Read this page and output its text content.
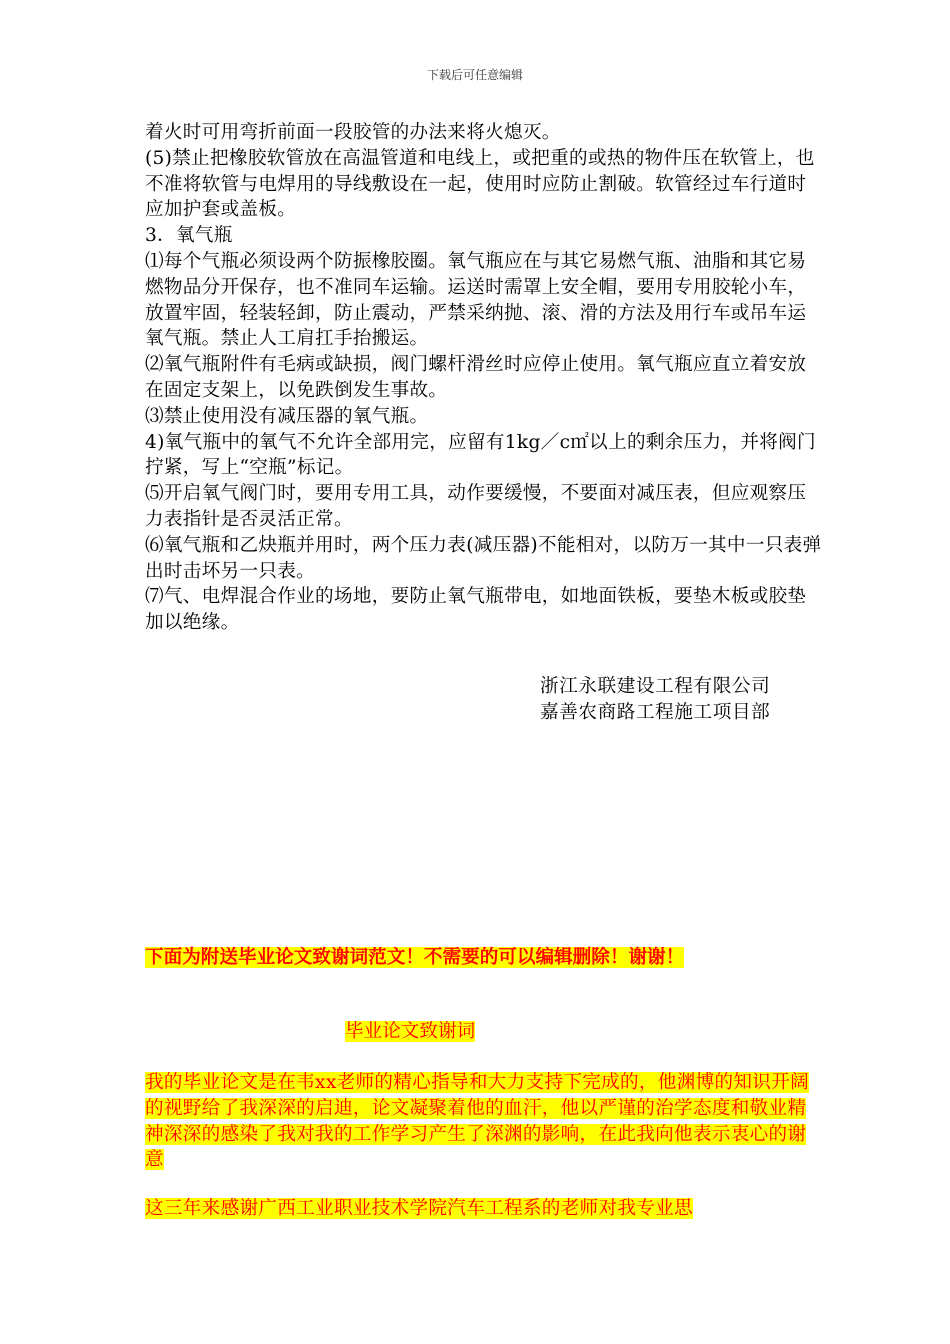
下载后可任意编辑

着火时可用弯折前面一段胶管的办法来将火熄灭。

(5)禁止把橡胶软管放在高温管道和电线上，或把重的或热的物件压在软管上，也不准将软管与电焊用的导线敷设在一起，使用时应防止割破。软管经过车行道时应加护套或盖板。

3．氧气瓶

⑴每个气瓶必须设两个防振橡胶圈。氧气瓶应在与其它易燃气瓶、油脂和其它易燃物品分开保存，也不准同车运输。运送时需罩上安全帽，要用专用胶轮小车，放置牢固，轻装轻卸，防止震动，严禁采纳抛、滚、滑的方法及用行车或吊车运氧气瓶。禁止人工肩扛手抬搬运。

⑵氧气瓶附件有毛病或缺损，阀门螺杆滑丝时应停止使用。氧气瓶应直立着安放在固定支架上，以免跌倒发生事故。

⑶禁止使用没有减压器的氧气瓶。

4)氧气瓶中的氧气不允许全部用完，应留有1kg／c㎡以上的剩余压力，并将阀门拧紧，写上“空瓶”标记。

⑸开启氧气阀门时，要用专用工具，动作要缓慢，不要面对减压表，但应观察压力表指针是否灵活正常。

⑹氧气瓶和乙炔瓶并用时，两个压力表(减压器)不能相对，以防万一其中一只表弹出时击坏另一只表。

⑺气、电焊混合作业的场地，要防止氧气瓶带电，如地面铁板，要垫木板或胶垫加以绝缘。

浙江永联建设工程有限公司

嘉善农商路工程施工项目部

下面为附送毕业论文致谢词范文！不需要的可以编辑删除！谢谢！
毕业论文致谢词

我的毕业论文是在韦xx老师的精心指导和大力支持下完成的，他渊博的知识开阔的视野给了我深深的启迪，论文凝聚着他的血汗，他以严谨的治学态度和敬业精神深深的感染了我对我的工作学习产生了深渊的影响，在此我向他表示衷心的谢意

这三年来感谢广西工业职业技术学院汽车工程系的老师对我专业思
